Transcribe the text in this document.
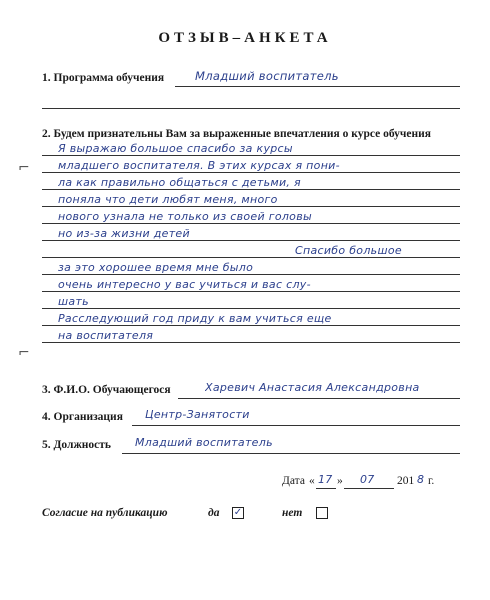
ОТЗЫВ–АНКЕТА
1. Программа обучения	Младший воспитатель
2. Будем признательны Вам за выраженные впечатления о курсе обучения
Я выражаю большое спасибо за курсы
младшего воспитателя. В этих курсах я пони-
ла как правильно общаться с детьми, я
поняла что дети любят меня, много
нового узнала не только из своей головы
но из-за жизни детей
Спасибо большое
за это хорошее время мне было
очень интересно у вас учиться и вас слу-
шать
Расследующий год приду к вам учиться еще
на воспитателя
⌐
⌐
3. Ф.И.О. Обучающегося	Харевич Анастасия Александровна
4. Организация Центр-Занятости
5. Должность Младший воспитатель
Дата « 17 » 07	201 8 г.
Согласие на публикацию	да ✓	нет
